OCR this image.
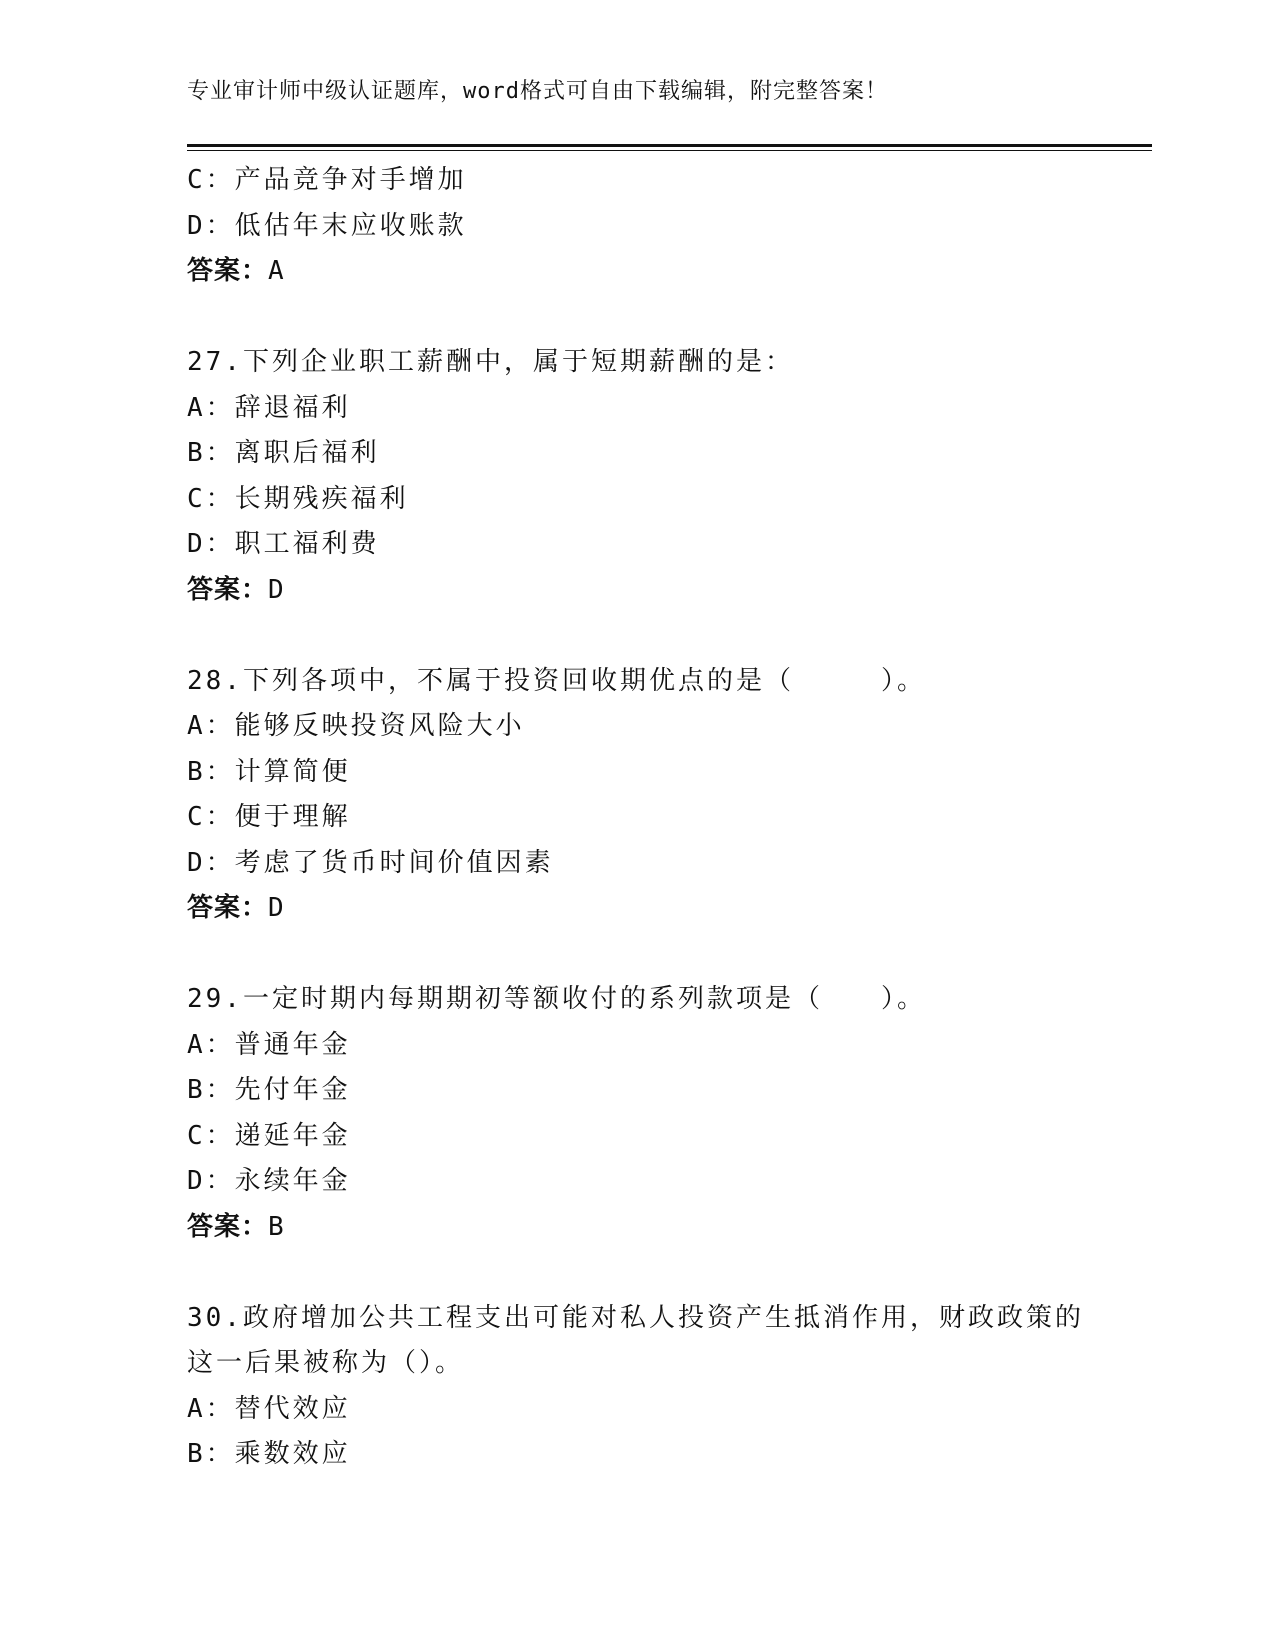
专业审计师中级认证题库，word格式可自由下载编辑，附完整答案！
C：产品竞争对手增加
D：低估年末应收账款
答案：A
27.下列企业职工薪酬中，属于短期薪酬的是：
A：辞退福利
B：离职后福利
C：长期残疾福利
D：职工福利费
答案：D
28.下列各项中，不属于投资回收期优点的是（　　　）。
A：能够反映投资风险大小
B：计算简便
C：便于理解
D：考虑了货币时间价值因素
答案：D
29.一定时期内每期期初等额收付的系列款项是（　　）。
A：普通年金
B：先付年金
C：递延年金
D：永续年金
答案：B
30.政府增加公共工程支出可能对私人投资产生抵消作用，财政政策的
这一后果被称为（）。
A：替代效应
B：乘数效应
